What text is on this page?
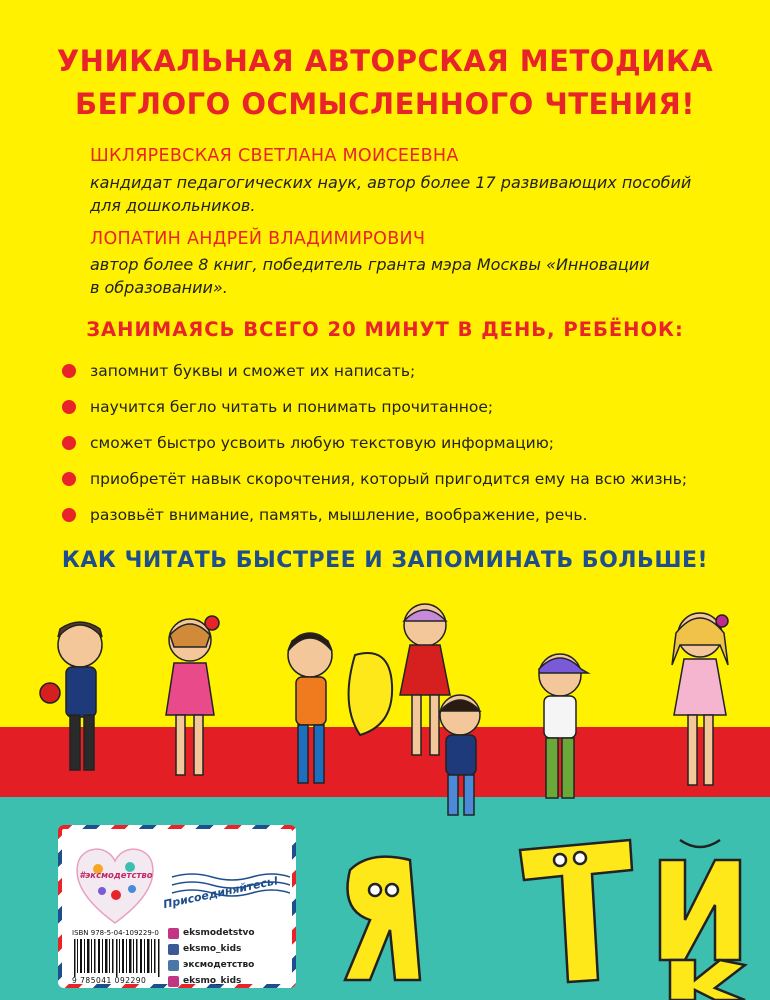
УНИКАЛЬНАЯ АВТОРСКАЯ МЕТОДИКА
БЕГЛОГО ОСМЫСЛЕННОГО ЧТЕНИЯ!
ШКЛЯРЕВСКАЯ СВЕТЛАНА МОИСЕЕВНА
кандидат педагогических наук, автор более 17 развивающих пособий
для дошкольников.
ЛОПАТИН АНДРЕЙ ВЛАДИМИРОВИЧ
автор более 8 книг, победитель гранта мэра Москвы «Инновации
в образовании».
ЗАНИМАЯСЬ ВСЕГО 20 МИНУТ В ДЕНЬ, РЕБЁНОК:
запомнит буквы и сможет их написать;
научится бегло читать и понимать прочитанное;
сможет быстро усвоить любую текстовую информацию;
приобретёт навык скорочтения, который пригодится ему на всю жизнь;
разовьёт внимание, память, мышление, воображение, речь.
КАК ЧИТАТЬ БЫСТРЕЕ И ЗАПОМИНАТЬ БОЛЬШЕ!
#эксмодетство Присоединяйтесь!
ISBN 978-5-04-109229-0
9 785041 092290
eksmodetstvo
eksmo_kids
эксмодетство
eksmo_kids
